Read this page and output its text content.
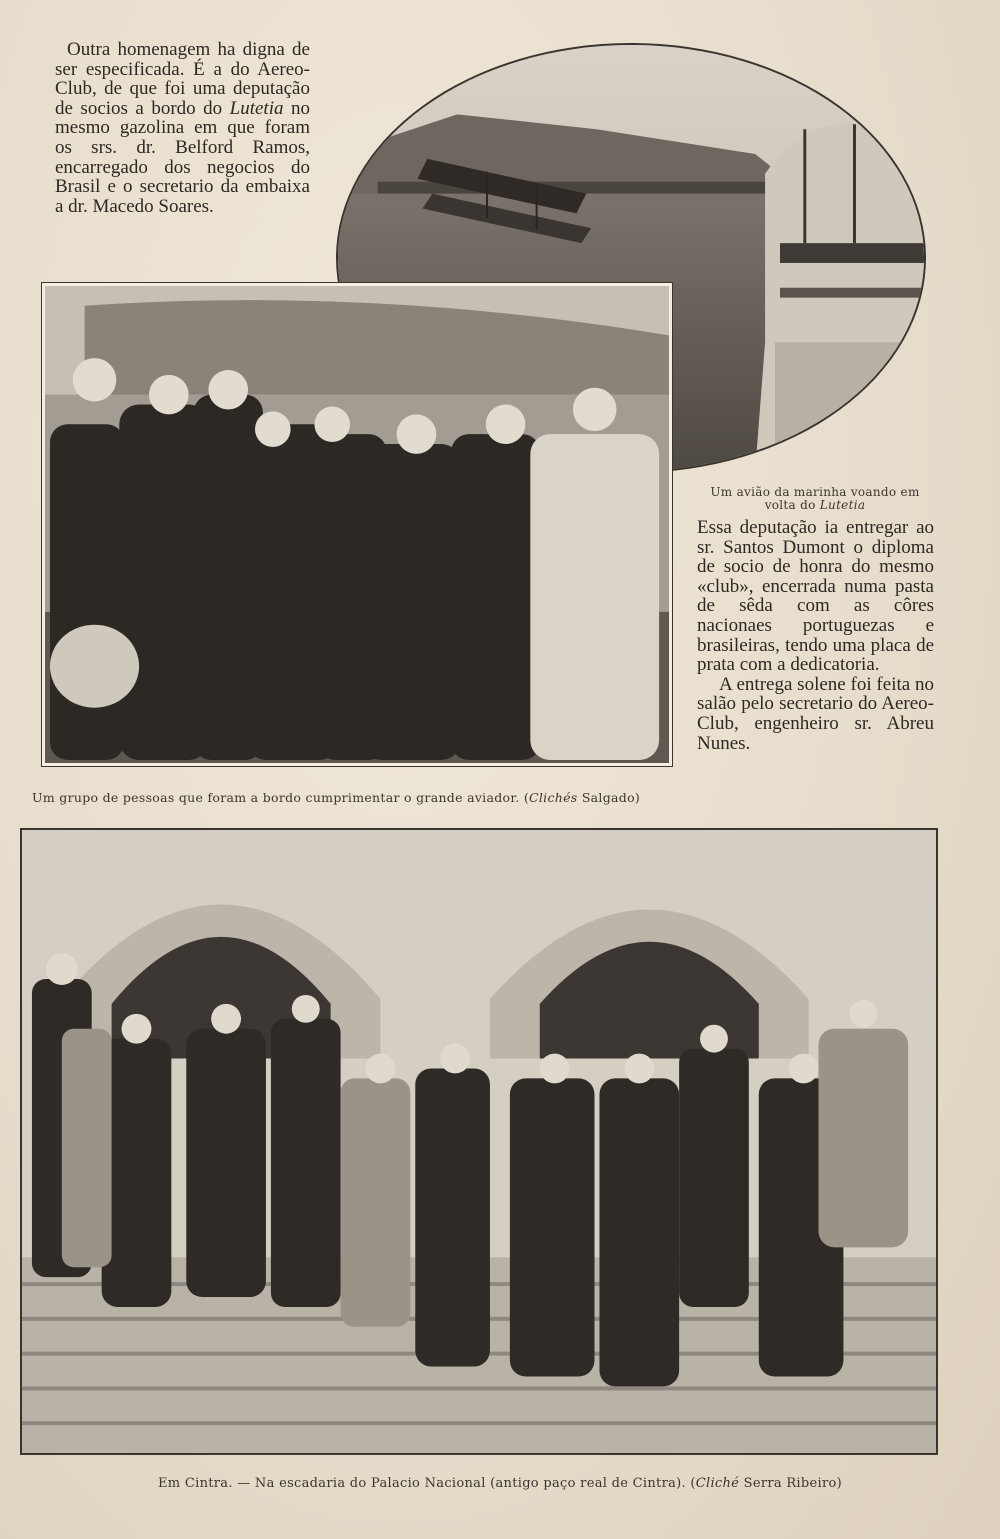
Outra homenagem ha digna de ser especificada. É a do Aereo-Club, de que foi uma deputação de socios a bordo do Lutetia no mesmo gazolina em que foram os srs. dr. Belford Ramos, encarregado dos negocios do Brasil e o secretario da embaixa a dr. Macedo Soares.

Um avião da marinha voando em volta do Lutetia
Um grupo de pessoas que foram a bordo cumprimentar o grande aviador. (Clichés Salgado)

Essa deputação ia entregar ao sr. Santos Dumont o diploma de socio de honra do mesmo «club», encerrada numa pasta de sêda com as côres nacionaes portuguezas e brasileiras, tendo uma placa de prata com a dedicatoria.

A entrega solene foi feita no salão pelo secretario do Aereo-Club, engenheiro sr. Abreu Nunes.

Em Cintra. — Na escadaria do Palacio Nacional (antigo paço real de Cintra). (Cliché Serra Ribeiro)
